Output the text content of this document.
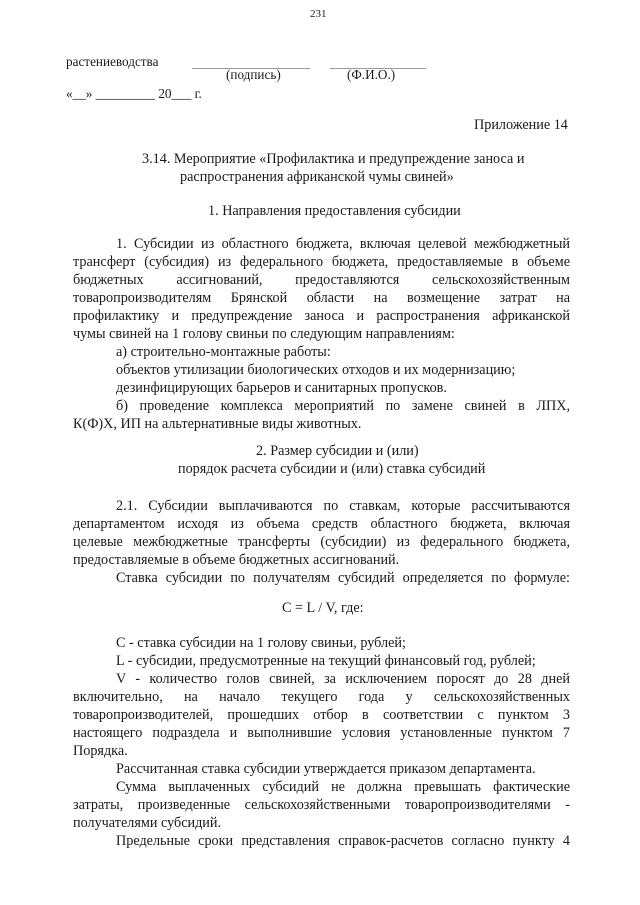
231
растениеводства
(подпись)	(Ф.И.О.)
«__» _________ 20___ г.
Приложение 14
3.14. Мероприятие «Профилактика и предупреждение заноса и
распространения африканской чумы свиней»
1. Направления предоставления субсидии
1. Субсидии из областного бюджета, включая целевой межбюджетный
трансферт (субсидия) из федерального бюджета, предоставляемые в объеме
бюджетных ассигнований, предоставляются сельскохозяйственным
товаропроизводителям Брянской области на возмещение затрат на
профилактику и предупреждение заноса и распространения африканской
чумы свиней на 1 голову свиньи по следующим направлениям:
а) строительно-монтажные работы:
объектов утилизации биологических отходов и их модернизацию;
дезинфицирующих барьеров и санитарных пропусков.
б) проведение комплекса мероприятий по замене свиней в ЛПХ,
К(Ф)Х, ИП на альтернативные виды животных.
2. Размер субсидии и (или)
порядок расчета субсидии и (или) ставка субсидий
2.1. Субсидии выплачиваются по ставкам, которые рассчитываются
департаментом исходя из объема средств областного бюджета, включая
целевые межбюджетные трансферты (субсидии) из федерального бюджета,
предоставляемые в объеме бюджетных ассигнований.
Ставка субсидии по получателям субсидий определяется по формуле:
С = L / V, где:
С - ставка субсидии на 1 голову свиньи, рублей;
L - субсидии, предусмотренные на текущий финансовый год, рублей;
V - количество голов свиней, за исключением поросят до 28 дней
включительно, на начало текущего года у сельскохозяйственных
товаропроизводителей, прошедших отбор в соответствии с пунктом 3
настоящего подраздела и выполнившие условия установленные пунктом 7
Порядка.
Рассчитанная ставка субсидии утверждается приказом департамента.
Сумма выплаченных субсидий не должна превышать фактические
затраты, произведенные сельскохозяйственными товаропроизводителями -
получателями субсидий.
Предельные сроки представления справок-расчетов согласно пункту 4
